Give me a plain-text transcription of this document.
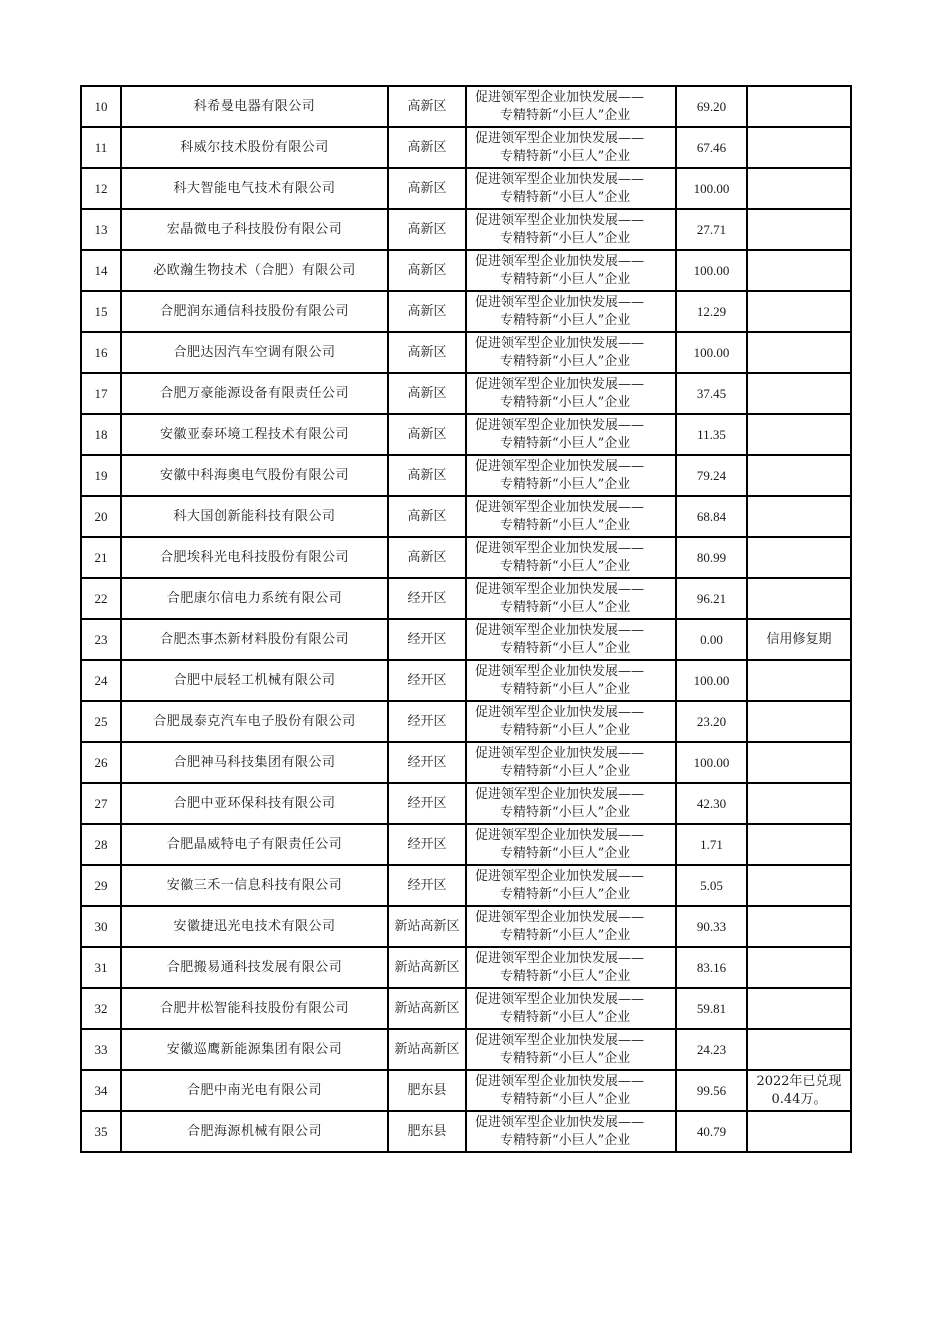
10	科希曼电器有限公司	高新区	促进领军型企业加快发展——
专精特新“小巨人”企业	69.20	
11	科威尔技术股份有限公司	高新区	促进领军型企业加快发展——
专精特新“小巨人”企业	67.46	
12	科大智能电气技术有限公司	高新区	促进领军型企业加快发展——
专精特新“小巨人”企业	100.00	
13	宏晶微电子科技股份有限公司	高新区	促进领军型企业加快发展——
专精特新“小巨人”企业	27.71	
14	必欧瀚生物技术（合肥）有限公司	高新区	促进领军型企业加快发展——
专精特新“小巨人”企业	100.00	
15	合肥润东通信科技股份有限公司	高新区	促进领军型企业加快发展——
专精特新“小巨人”企业	12.29	
16	合肥达因汽车空调有限公司	高新区	促进领军型企业加快发展——
专精特新“小巨人”企业	100.00	
17	合肥万豪能源设备有限责任公司	高新区	促进领军型企业加快发展——
专精特新“小巨人”企业	37.45	
18	安徽亚泰环境工程技术有限公司	高新区	促进领军型企业加快发展——
专精特新“小巨人”企业	11.35	
19	安徽中科海奥电气股份有限公司	高新区	促进领军型企业加快发展——
专精特新“小巨人”企业	79.24	
20	科大国创新能科技有限公司	高新区	促进领军型企业加快发展——
专精特新“小巨人”企业	68.84	
21	合肥埃科光电科技股份有限公司	高新区	促进领军型企业加快发展——
专精特新“小巨人”企业	80.99	
22	合肥康尔信电力系统有限公司	经开区	促进领军型企业加快发展——
专精特新“小巨人”企业	96.21	
23	合肥杰事杰新材料股份有限公司	经开区	促进领军型企业加快发展——
专精特新“小巨人”企业	0.00	信用修复期
24	合肥中辰轻工机械有限公司	经开区	促进领军型企业加快发展——
专精特新“小巨人”企业	100.00	
25	合肥晟泰克汽车电子股份有限公司	经开区	促进领军型企业加快发展——
专精特新“小巨人”企业	23.20	
26	合肥神马科技集团有限公司	经开区	促进领军型企业加快发展——
专精特新“小巨人”企业	100.00	
27	合肥中亚环保科技有限公司	经开区	促进领军型企业加快发展——
专精特新“小巨人”企业	42.30	
28	合肥晶威特电子有限责任公司	经开区	促进领军型企业加快发展——
专精特新“小巨人”企业	1.71	
29	安徽三禾一信息科技有限公司	经开区	促进领军型企业加快发展——
专精特新“小巨人”企业	5.05	
30	安徽捷迅光电技术有限公司	新站高新区	促进领军型企业加快发展——
专精特新“小巨人”企业	90.33	
31	合肥搬易通科技发展有限公司	新站高新区	促进领军型企业加快发展——
专精特新“小巨人”企业	83.16	
32	合肥井松智能科技股份有限公司	新站高新区	促进领军型企业加快发展——
专精特新“小巨人”企业	59.81	
33	安徽巡鹰新能源集团有限公司	新站高新区	促进领军型企业加快发展——
专精特新“小巨人”企业	24.23	
34	合肥中南光电有限公司	肥东县	促进领军型企业加快发展——
专精特新“小巨人”企业	99.56	2022年已兑现0.44万。
35	合肥海源机械有限公司	肥东县	促进领军型企业加快发展——
专精特新“小巨人”企业	40.79	
